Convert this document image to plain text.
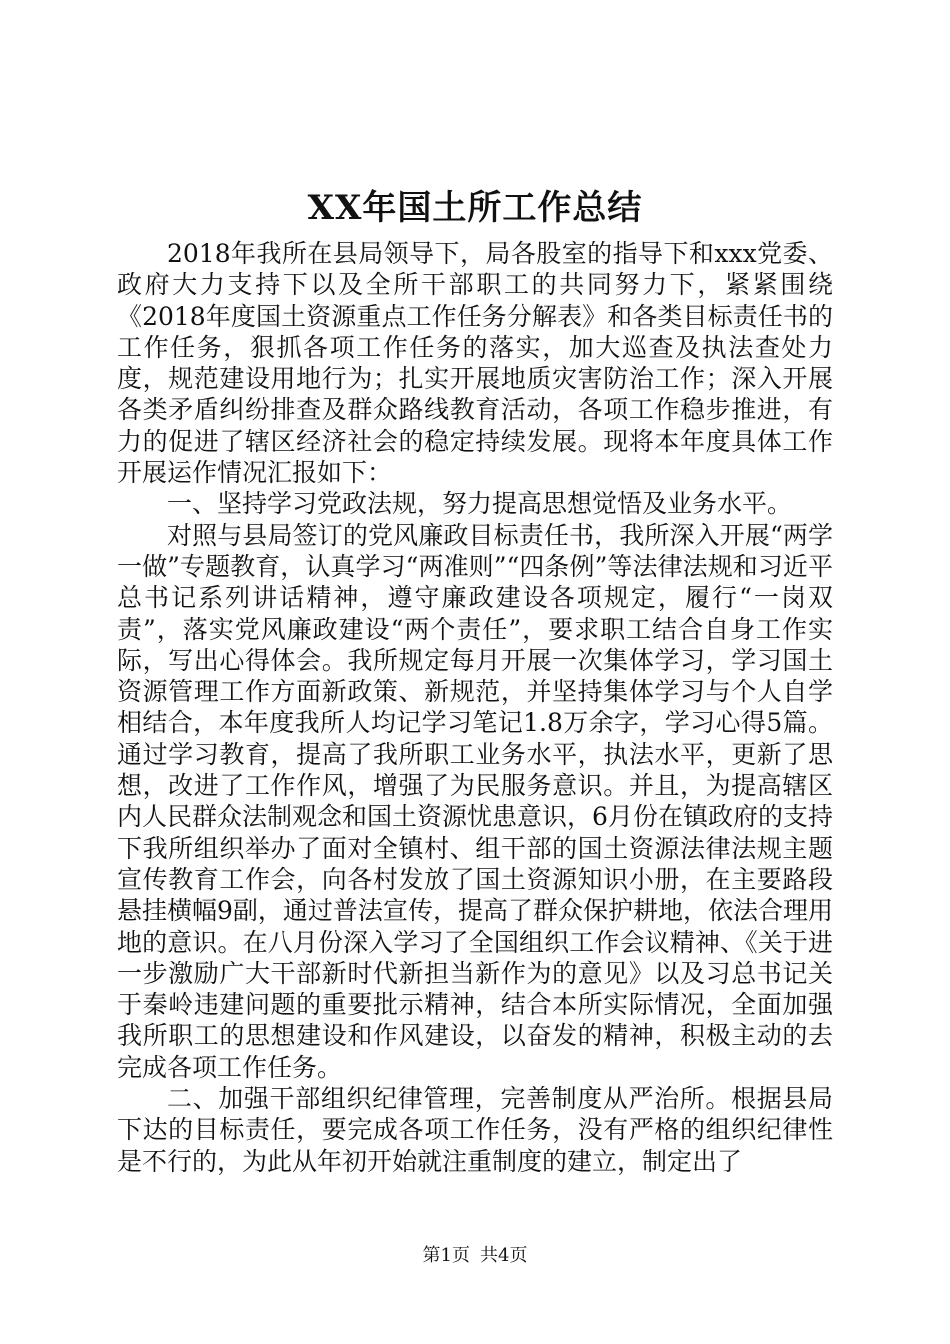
XX年国土所工作总结

2018年我所在县局领导下，局各股室的指导下和xxx党委、政府大力支持下以及全所干部职工的共同努力下，紧紧围绕《2018年度国土资源重点工作任务分解表》和各类目标责任书的工作任务，狠抓各项工作任务的落实，加大巡查及执法查处力度，规范建设用地行为；扎实开展地质灾害防治工作；深入开展各类矛盾纠纷排查及群众路线教育活动，各项工作稳步推进，有力的促进了辖区经济社会的稳定持续发展。现将本年度具体工作开展运作情况汇报如下：

一、坚持学习党政法规，努力提高思想觉悟及业务水平。

对照与县局签订的党风廉政目标责任书，我所深入开展“两学一做”专题教育，认真学习“两准则”“四条例”等法律法规和习近平总书记系列讲话精神，遵守廉政建设各项规定，履行“一岗双责”，落实党风廉政建设“两个责任”，要求职工结合自身工作实际，写出心得体会。我所规定每月开展一次集体学习，学习国土资源管理工作方面新政策、新规范，并坚持集体学习与个人自学相结合，本年度我所人均记学习笔记1.8万余字，学习心得5篇。通过学习教育，提高了我所职工业务水平，执法水平，更新了思想，改进了工作作风，增强了为民服务意识。并且，为提高辖区内人民群众法制观念和国土资源忧患意识，6月份在镇政府的支持下我所组织举办了面对全镇村、组干部的国土资源法律法规主题宣传教育工作会，向各村发放了国土资源知识小册，在主要路段悬挂横幅9副，通过普法宣传，提高了群众保护耕地，依法合理用地的意识。在八月份深入学习了全国组织工作会议精神、《关于进一步激励广大干部新时代新担当新作为的意见》以及习总书记关于秦岭违建问题的重要批示精神，结合本所实际情况，全面加强我所职工的思想建设和作风建设，以奋发的精神，积极主动的去完成各项工作任务。

二、加强干部组织纪律管理，完善制度从严治所。根据县局下达的目标责任，要完成各项工作任务，没有严格的组织纪律性是不行的，为此从年初开始就注重制度的建立，制定出了

第1页 共4页
